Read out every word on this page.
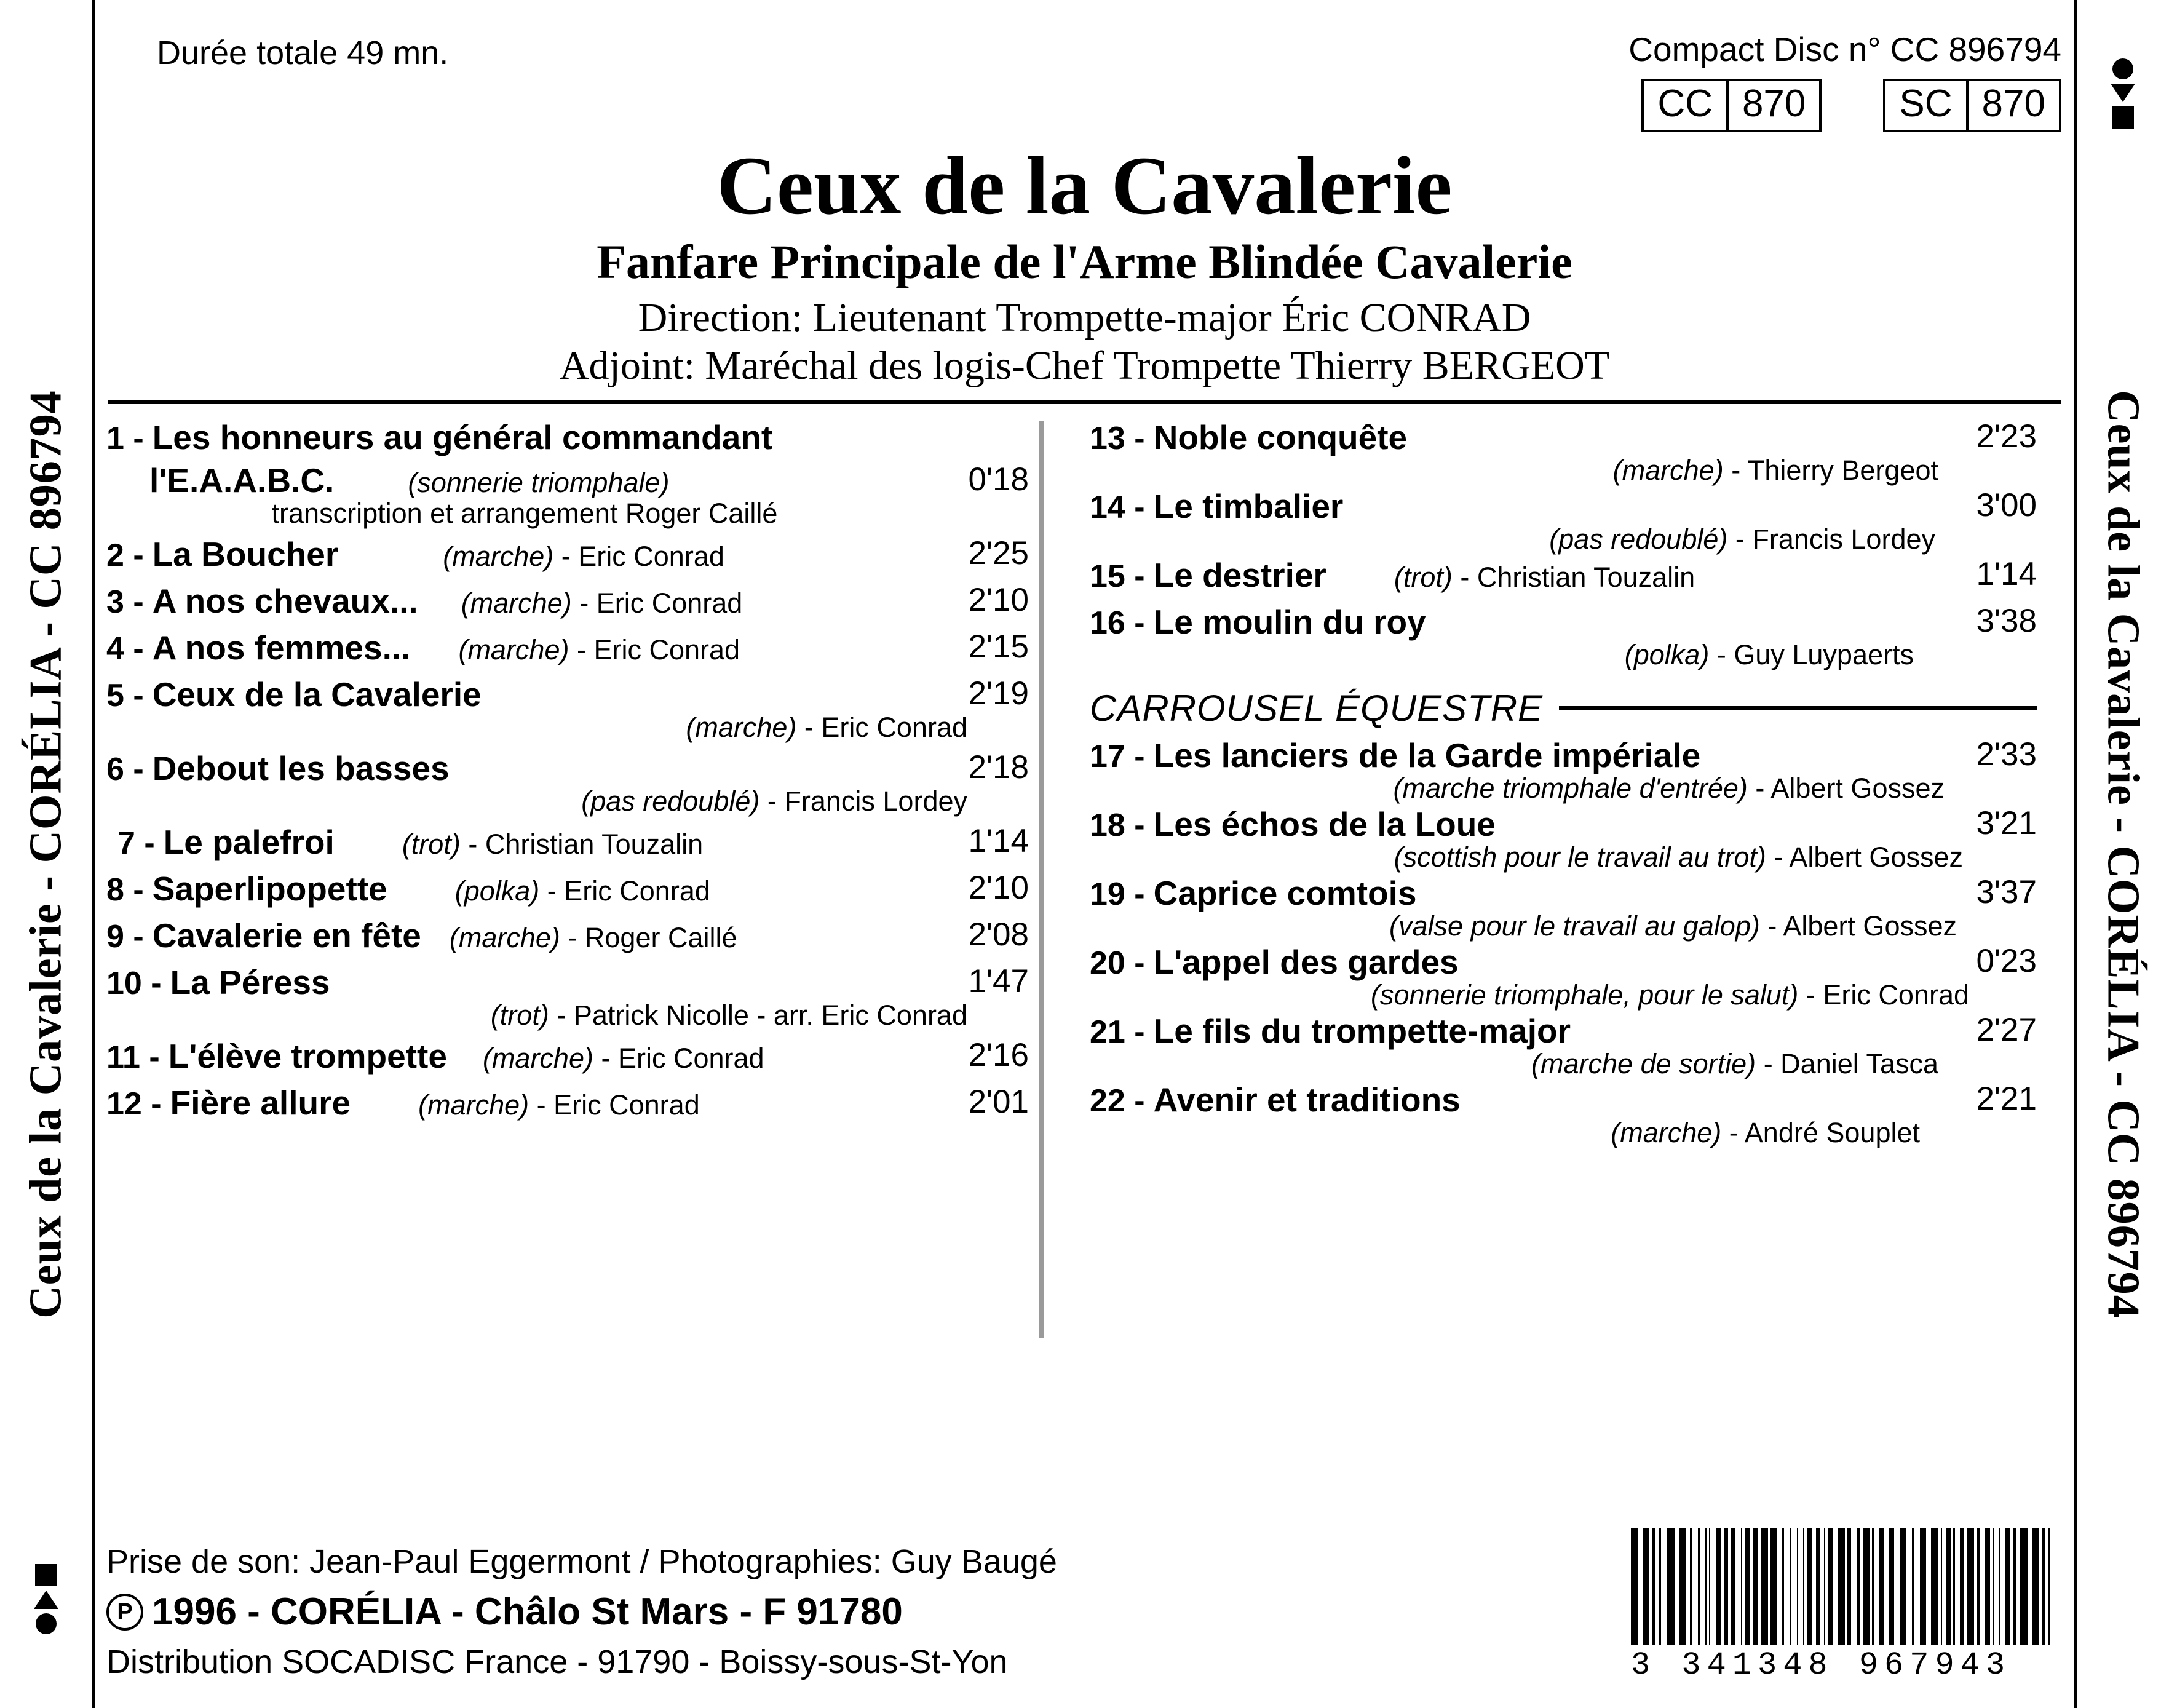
Ceux de la Cavalerie - CORÉLIA - CC 896794	Ceux de la Cavalerie - CORÉLIA - CC 896794
Durée totale 49 mn.	Compact Disc n° CC 896794
CC 870	SC 870
Ceux de la Cavalerie
Fanfare Principale de l'Arme Blindée Cavalerie
Direction: Lieutenant Trompette-major Éric CONRAD
Adjoint: Maréchal des logis-Chef Trompette Thierry BERGEOT
1 - Les honneurs au général commandant
l'E.A.A.B.C.	(sonnerie triomphale)	0'18
transcription et arrangement Roger Caillé
2 - La Boucher	(marche) - Eric Conrad	2'25
3 - A nos chevaux... (marche) - Eric Conrad	2'10
4 - A nos femmes... (marche) - Eric Conrad	2'15
5 - Ceux de la Cavalerie	2'19
(marche) - Eric Conrad
6 - Debout les basses	2'18
(pas redoublé) - Francis Lordey
7 - Le palefroi (trot) - Christian Touzalin	1'14
8 - Saperlipopette (polka) - Eric Conrad	2'10
9 - Cavalerie en fête (marche) - Roger Caillé	2'08
10 - La Péress	1'47
(trot) - Patrick Nicolle - arr. Eric Conrad
11 - L'élève trompette (marche) - Eric Conrad	2'16
12 - Fière allure (marche) - Eric Conrad	2'01
13 - Noble conquête	2'23
(marche) - Thierry Bergeot
14 - Le timbalier	3'00
(pas redoublé) - Francis Lordey
15 - Le destrier (trot) - Christian Touzalin	1'14
16 - Le moulin du roy	3'38
(polka) - Guy Luypaerts
CARROUSEL ÉQUESTRE
17 - Les lanciers de la Garde impériale	2'33
(marche triomphale d'entrée) - Albert Gossez
18 - Les échos de la Loue	3'21
(scottish pour le travail au trot) - Albert Gossez
19 - Caprice comtois	3'37
(valse pour le travail au galop) - Albert Gossez
20 - L'appel des gardes	0'23
(sonnerie triomphale, pour le salut) - Eric Conrad
21 - Le fils du trompette-major	2'27
(marche de sortie) - Daniel Tasca
22 - Avenir et traditions	2'21
(marche) - André Souplet
Prise de son: Jean-Paul Eggermont / Photographies: Guy Baugé
P 1996 - CORÉLIA - Châlo St Mars - F 91780
Distribution SOCADISC France - 91790 - Boissy-sous-St-Yon	3 341348 967943
